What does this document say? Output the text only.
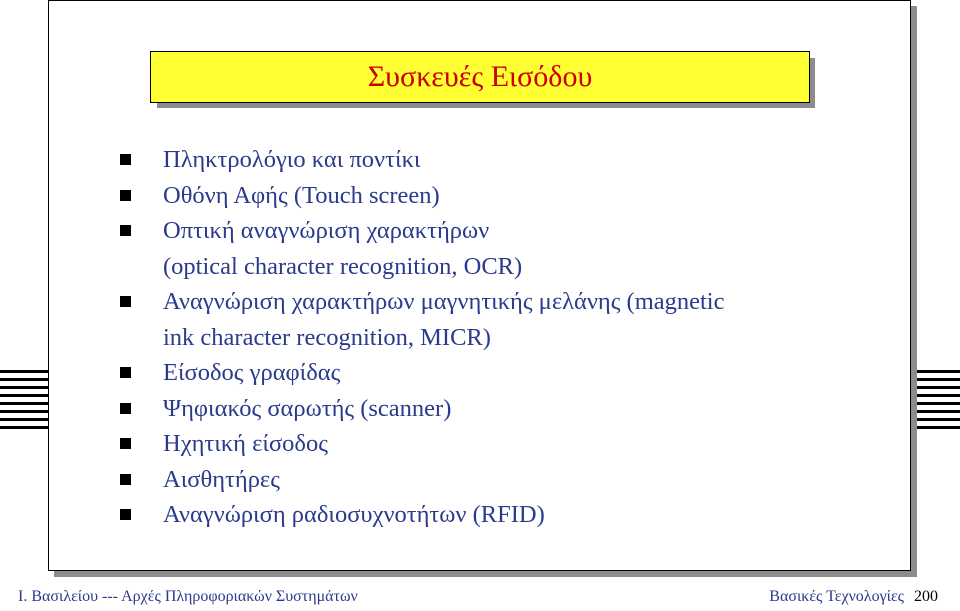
Συσκευές Εισόδου
Πληκτρολόγιο και ποντίκι
Οθόνη Αφής (Touch screen)
Οπτική αναγνώριση χαρακτήρων
(optical character recognition, OCR)
Αναγνώριση χαρακτήρων μαγνητικής μελάνης (magnetic
ink character recognition, MICR)
Είσοδος γραφίδας
Ψηφιακός σαρωτής (scanner)
Ηχητική είσοδος
Αισθητήρες
Αναγνώριση ραδιοσυχνοτήτων (RFID)
Ι. Βασιλείου --- Αρχές Πληροφοριακών Συστημάτων	Βασικές Τεχνολογίες 200
